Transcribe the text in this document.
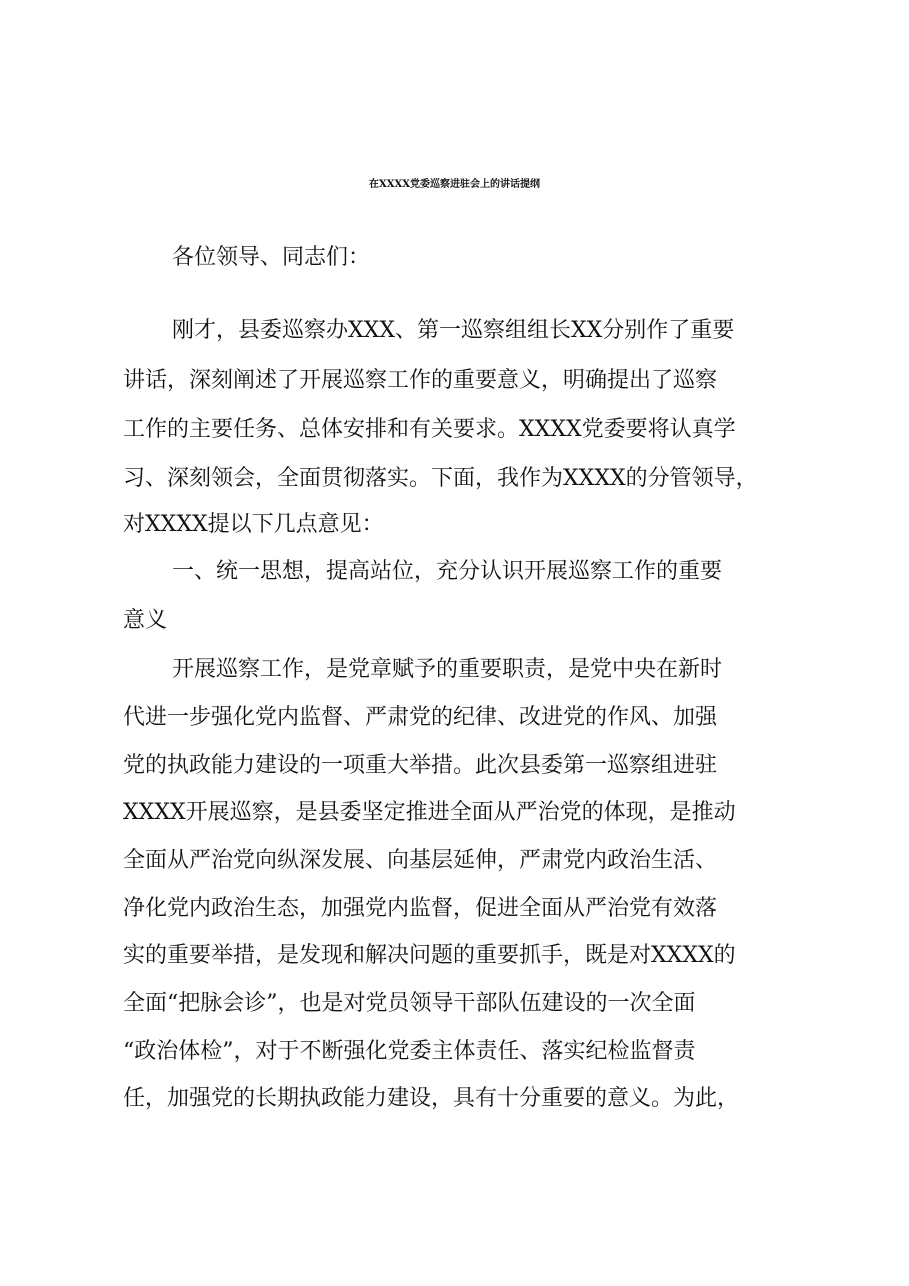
在XXXX党委巡察进驻会上的讲话提纲
各位领导、同志们：
刚才，县委巡察办XXX、第一巡察组组长XX分别作了重要
讲话，深刻阐述了开展巡察工作的重要意义，明确提出了巡察
工作的主要任务、总体安排和有关要求。XXXX党委要将认真学
习、深刻领会，全面贯彻落实。下面，我作为XXXX的分管领导，
对XXXX提以下几点意见：
一、统一思想，提高站位，充分认识开展巡察工作的重要
意义
开展巡察工作，是党章赋予的重要职责，是党中央在新时
代进一步强化党内监督、严肃党的纪律、改进党的作风、加强
党的执政能力建设的一项重大举措。此次县委第一巡察组进驻
XXXX开展巡察，是县委坚定推进全面从严治党的体现，是推动
全面从严治党向纵深发展、向基层延伸，严肃党内政治生活、
净化党内政治生态，加强党内监督，促进全面从严治党有效落
实的重要举措，是发现和解决问题的重要抓手，既是对XXXX的
全面“把脉会诊”，也是对党员领导干部队伍建设的一次全面
“政治体检”，对于不断强化党委主体责任、落实纪检监督责
任，加强党的长期执政能力建设，具有十分重要的意义。为此，
